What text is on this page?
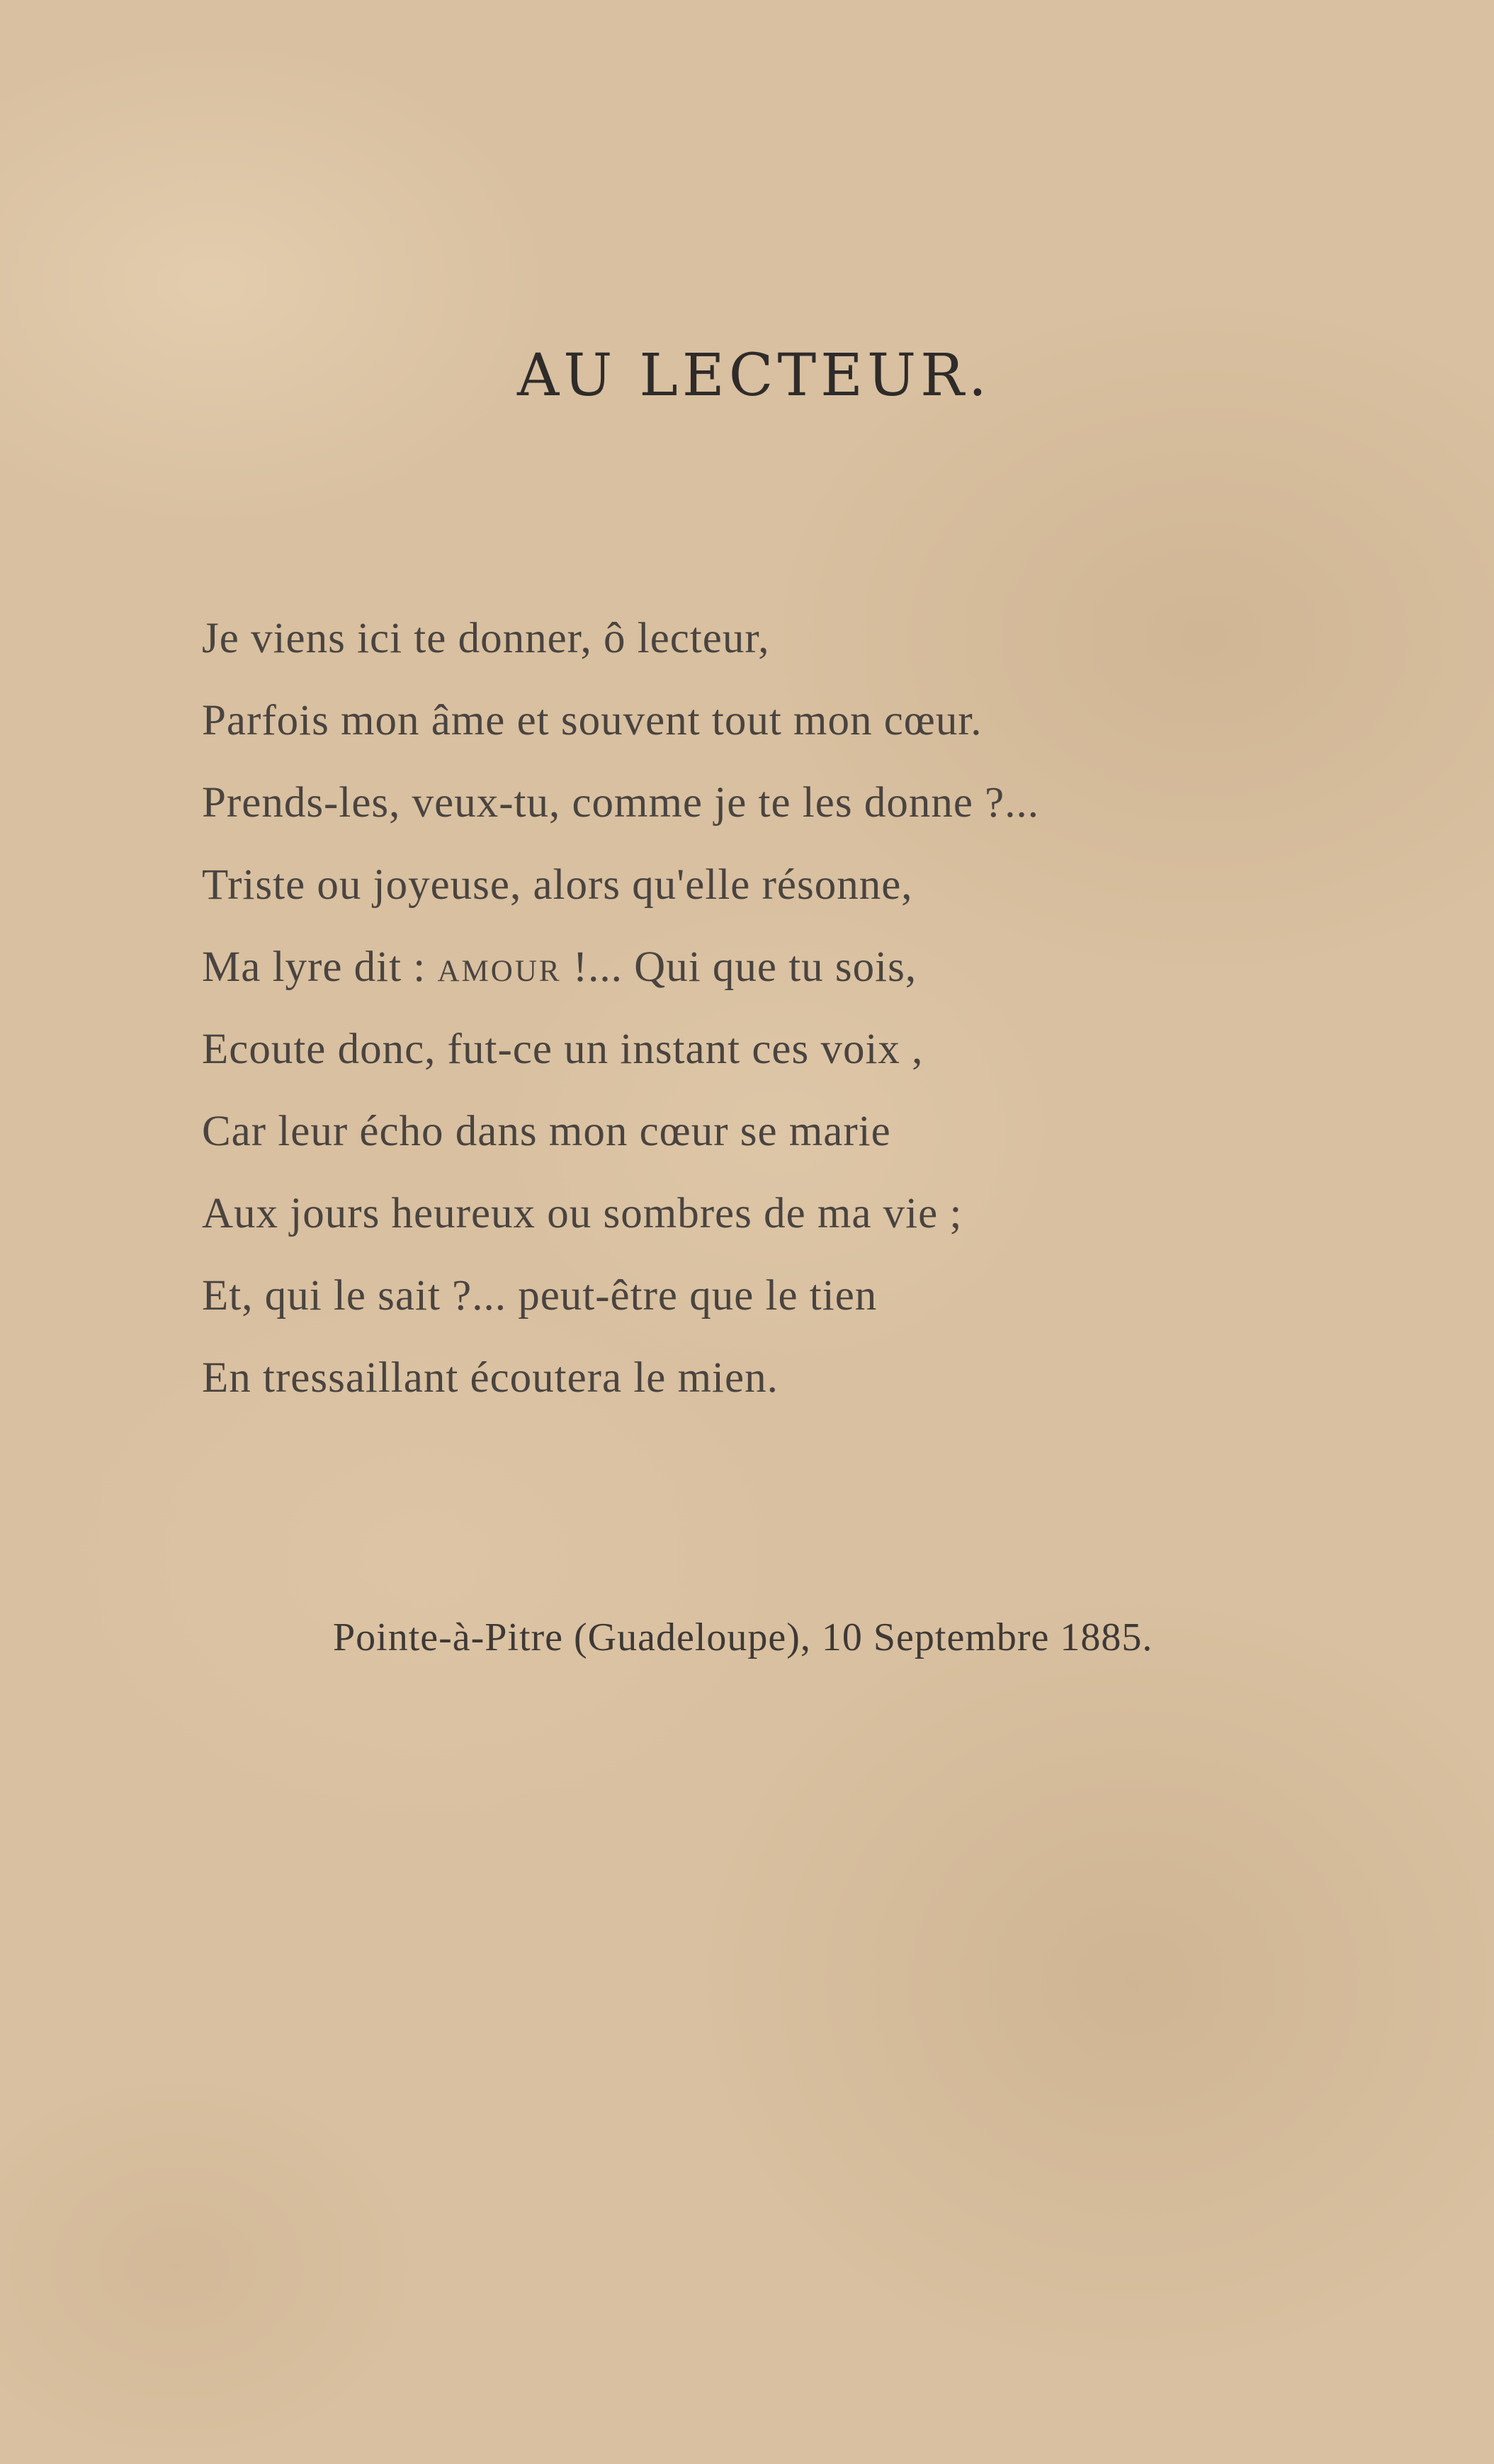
AU LECTEUR.
Je viens ici te donner, ô lecteur,
Parfois mon âme et souvent tout mon cœur.
Prends-les, veux-tu, comme je te les donne ?...
Triste ou joyeuse, alors qu'elle résonne,
Ma lyre dit : amour !... Qui que tu sois,
Ecoute donc, fut-ce un instant ces voix ,
Car leur écho dans mon cœur se marie
Aux jours heureux ou sombres de ma vie ;
Et, qui le sait ?... peut-être que le tien
En tressaillant écoutera le mien.
Pointe-à-Pitre (Guadeloupe), 10 Septembre 1885.
